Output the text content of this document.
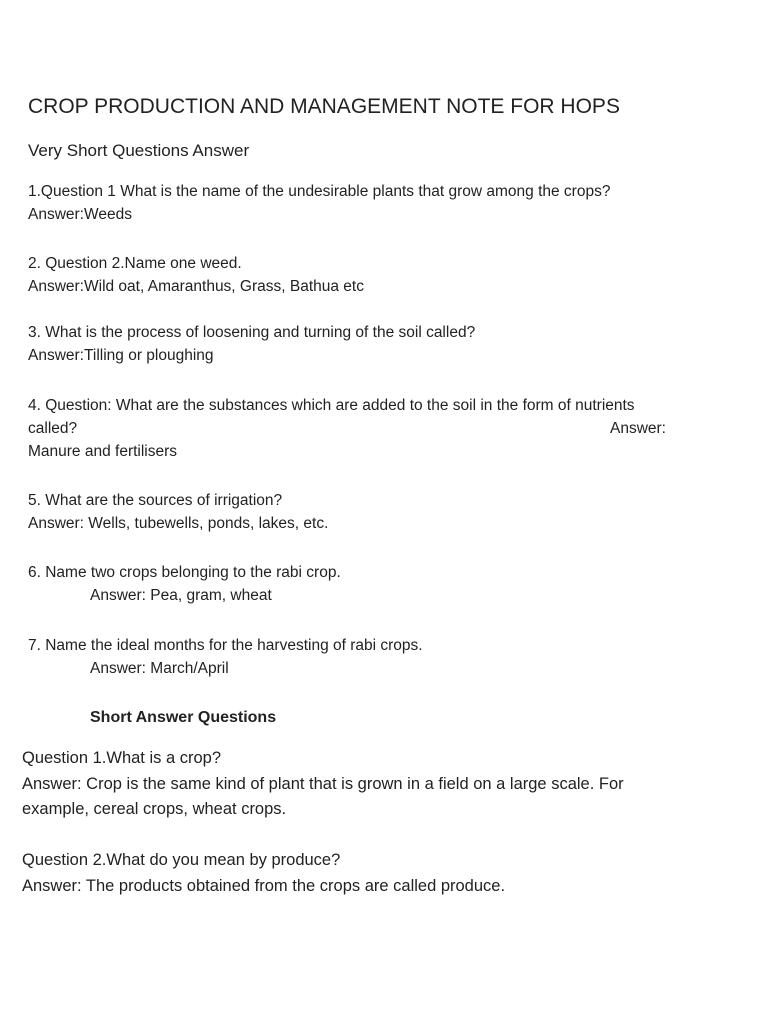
CROP PRODUCTION AND MANAGEMENT NOTE FOR HOPS
Very Short Questions Answer
1.Question 1 What is the name of the undesirable plants that grow among the crops?
Answer:Weeds
2. Question 2.Name one weed.
Answer:Wild oat, Amaranthus, Grass, Bathua etc
3. What is the process of loosening and turning of the soil called?
Answer:Tilling or ploughing
4. Question: What are the substances which are added to the soil in the form of nutrients
called?	Answer:
Manure and fertilisers
5. What are the sources of irrigation?
Answer: Wells, tubewells, ponds, lakes, etc.
6. Name two crops belonging to the rabi crop.
Answer: Pea, gram, wheat
7. Name the ideal months for the harvesting of rabi crops.
Answer: March/April
Short Answer Questions
Question 1.What is a crop?
Answer: Crop is the same kind of plant that is grown in a field on a large scale. For
example, cereal crops, wheat crops.
Question 2.What do you mean by produce?
Answer: The products obtained from the crops are called produce.
